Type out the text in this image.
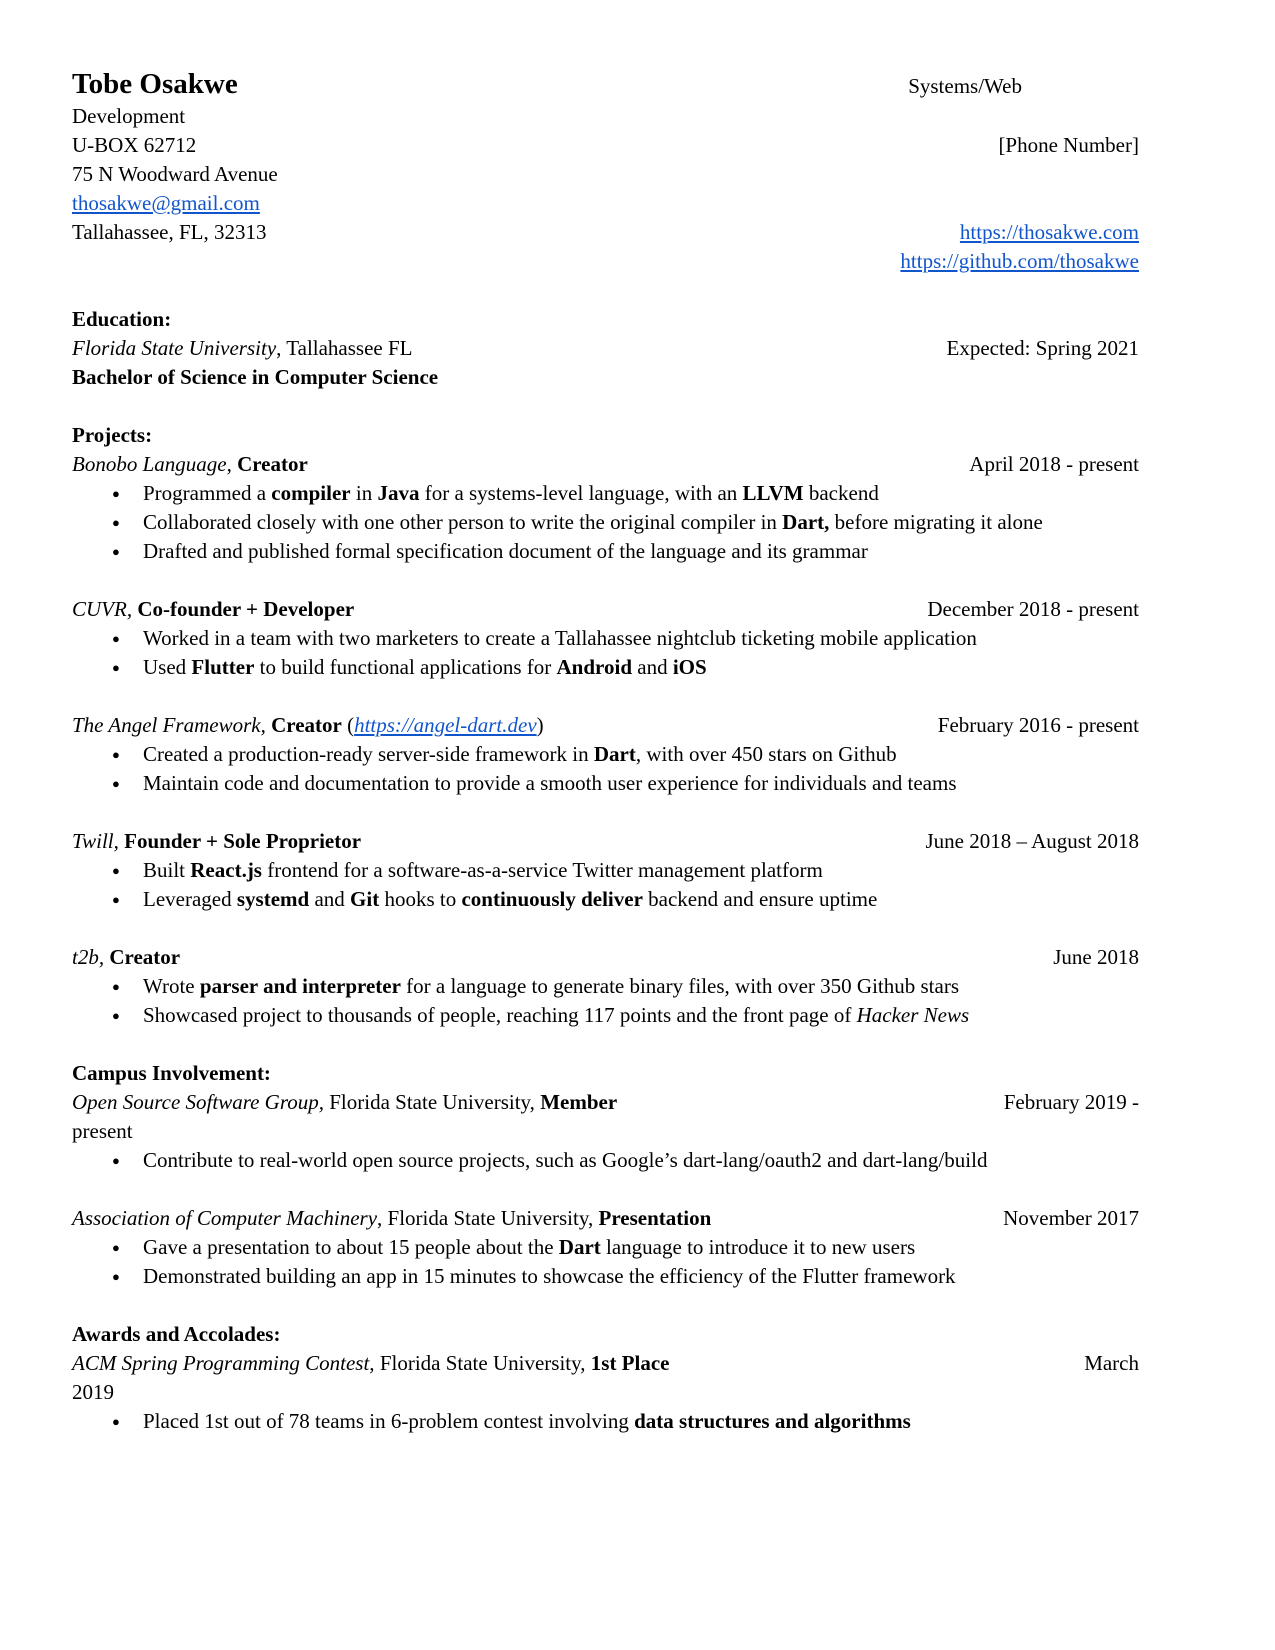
Tobe Osakwe	Systems/Web
Development
U-BOX 62712	[Phone Number]
75 N Woodward Avenue
thosakwe@gmail.com
Tallahassee, FL, 32313	https://thosakwe.com
https://github.com/thosakwe
Education:
Florida State University, Tallahassee FL	Expected: Spring 2021
Bachelor of Science in Computer Science
Projects:
Bonobo Language, Creator	April 2018 - present
● Programmed a compiler in Java for a systems-level language, with an LLVM backend
● Collaborated closely with one other person to write the original compiler in Dart, before migrating it alone
● Drafted and published formal specification document of the language and its grammar
CUVR, Co-founder + Developer	December 2018 - present
● Worked in a team with two marketers to create a Tallahassee nightclub ticketing mobile application
● Used Flutter to build functional applications for Android and iOS
The Angel Framework, Creator (https://angel-dart.dev)	February 2016 - present
● Created a production-ready server-side framework in Dart, with over 450 stars on Github
● Maintain code and documentation to provide a smooth user experience for individuals and teams
Twill, Founder + Sole Proprietor	June 2018 – August 2018
● Built React.js frontend for a software-as-a-service Twitter management platform
● Leveraged systemd and Git hooks to continuously deliver backend and ensure uptime
t2b, Creator	June 2018
● Wrote parser and interpreter for a language to generate binary files, with over 350 Github stars
● Showcased project to thousands of people, reaching 117 points and the front page of Hacker News
Campus Involvement:
Open Source Software Group, Florida State University, Member	February 2019 -
present
● Contribute to real-world open source projects, such as Google’s dart-lang/oauth2 and dart-lang/build
Association of Computer Machinery, Florida State University, Presentation	November 2017
● Gave a presentation to about 15 people about the Dart language to introduce it to new users
● Demonstrated building an app in 15 minutes to showcase the efficiency of the Flutter framework
Awards and Accolades:
ACM Spring Programming Contest, Florida State University, 1st Place	March
2019
● Placed 1st out of 78 teams in 6-problem contest involving data structures and algorithms
